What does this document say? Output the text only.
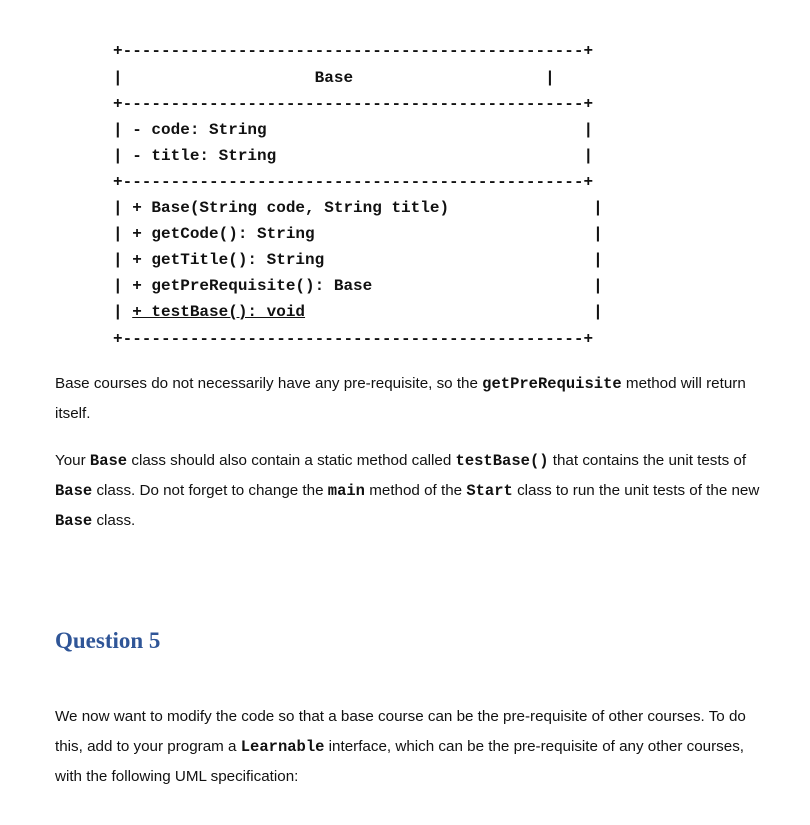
+------------------------------------------------+
|                    Base                    |
+------------------------------------------------+
| - code: String                                 |
| - title: String                                |
+------------------------------------------------+
| + Base(String code, String title)               |
| + getCode(): String                             |
| + getTitle(): String                            |
| + getPreRequisite(): Base                       |
| + testBase(): void                              |
+------------------------------------------------+
Base courses do not necessarily have any pre-requisite, so the getPreRequisite method will return itself.
Your Base class should also contain a static method called testBase() that contains the unit tests of Base class. Do not forget to change the main method of the Start class to run the unit tests of the new Base class.
Question 5
We now want to modify the code so that a base course can be the pre-requisite of other courses. To do this, add to your program a Learnable interface, which can be the pre-requisite of any other courses, with the following UML specification:
